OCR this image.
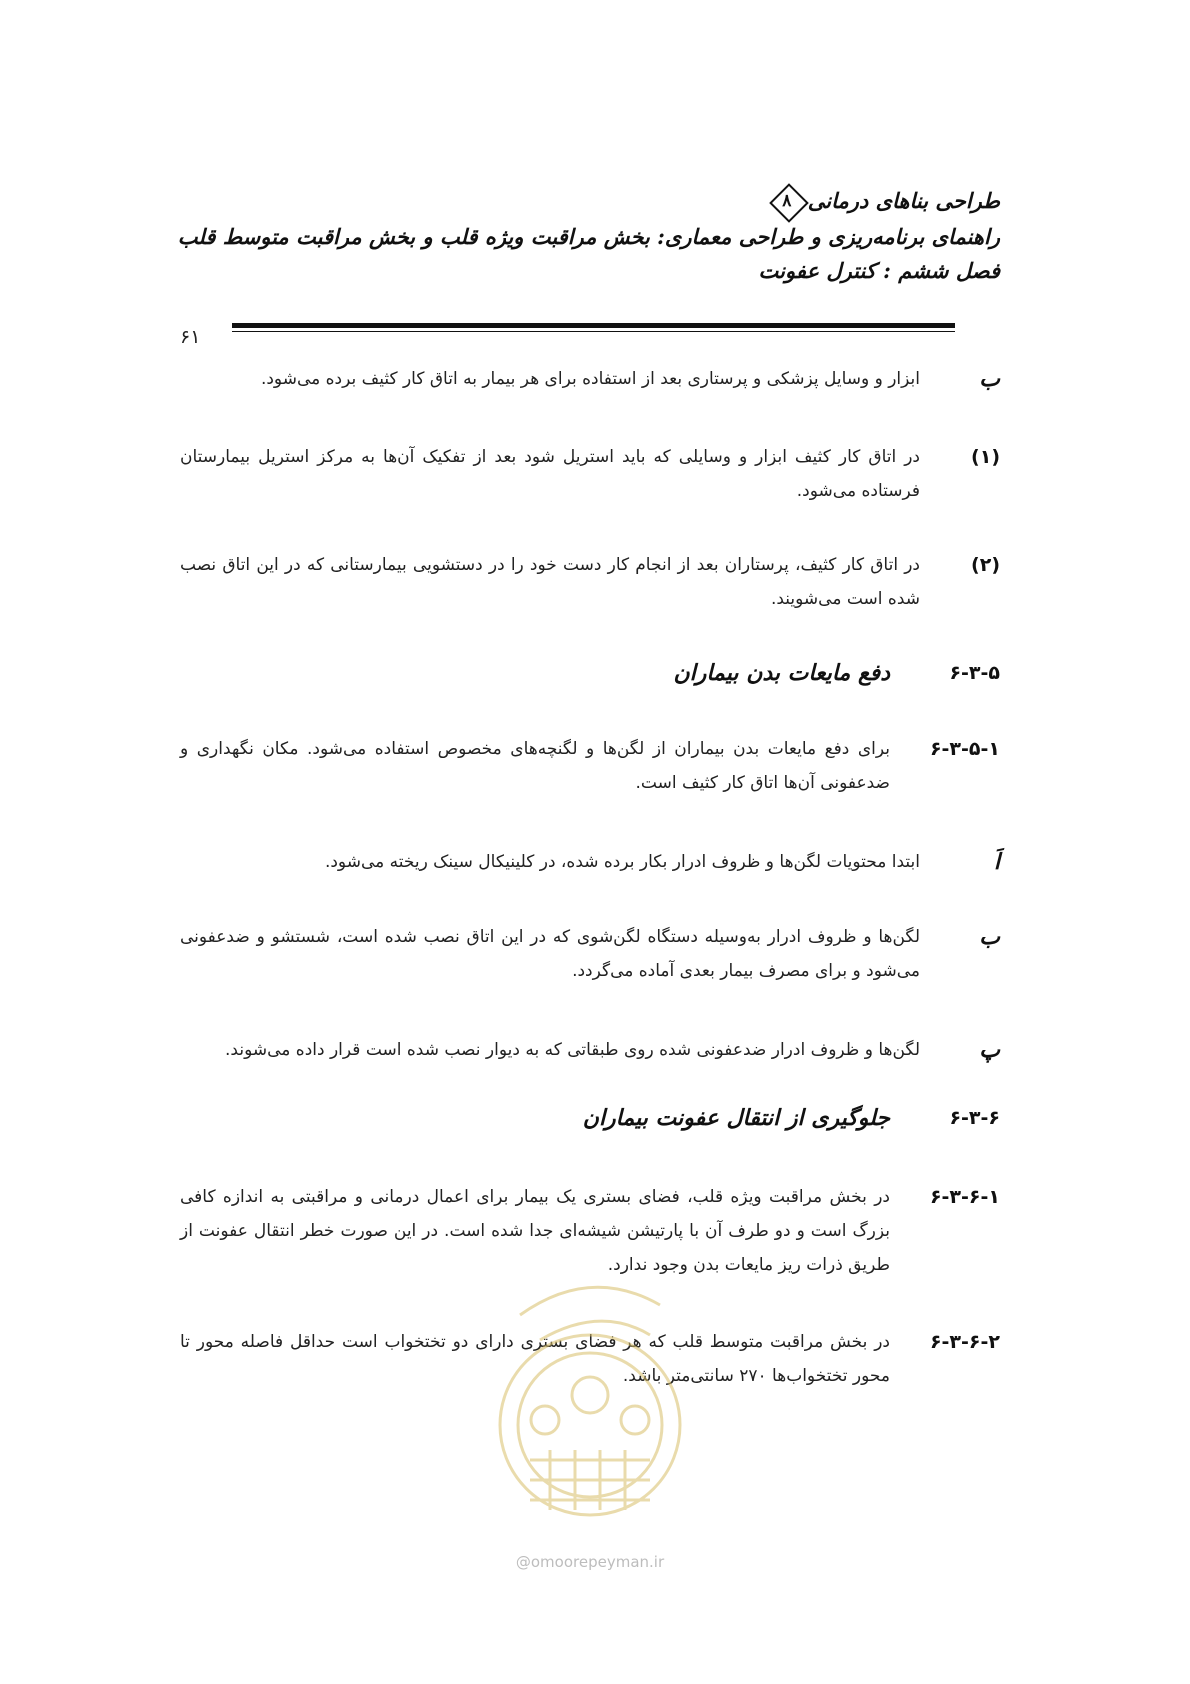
طراحی بناهای درمانی
۸
راهنمای برنامه‌ریزی و طراحی معماری: بخش مراقبت ویژه قلب و بخش مراقبت متوسط قلب
فصل ششم : کنترل عفونت
۶۱
ب
ابزار و وسایل پزشکی و پرستاری بعد از استفاده برای هر بیمار به اتاق کار کثیف برده می‌شود.
(۱)
در اتاق کار کثیف ابزار و وسایلی که باید استریل شود بعد از تفکیک آن‌ها به مرکز استریل بیمارستان فرستاده می‌شود.
(۲)
در اتاق کار کثیف، پرستاران بعد از انجام کار دست خود را در دستشویی بیمارستانی که در این اتاق نصب شده است می‌شویند.
۶-۳-۵
دفع مایعات بدن بیماران
۶-۳-۵-۱
برای دفع مایعات بدن بیماران از لگن‌ها و لگنچه‌های مخصوص استفاده می‌شود. مکان نگهداری و ضدعفونی آن‌ها اتاق کار کثیف است.
اَ
ابتدا محتویات لگن‌ها و ظروف ادرار بکار برده شده، در کلینیکال سینک ریخته می‌شود.
ب
لگن‌ها و ظروف ادرار به‌وسیله دستگاه لگن‌شوی که در این اتاق نصب شده است، شستشو و ضدعفونی می‌شود و برای مصرف بیمار بعدی آماده می‌گردد.
پ
لگن‌ها و ظروف ادرار ضدعفونی شده روی طبقاتی که به دیوار نصب شده است قرار داده می‌شوند.
۶-۳-۶
جلوگیری از انتقال عفونت بیماران
۶-۳-۶-۱
در بخش مراقبت ویژه قلب، فضای بستری یک بیمار برای اعمال درمانی و مراقبتی به اندازه کافی بزرگ است و دو طرف آن با پارتیشن شیشه‌ای جدا شده است. در این صورت خطر انتقال عفونت از طریق ذرات ریز مایعات بدن وجود ندارد.
۶-۳-۶-۲
در بخش مراقبت متوسط قلب که هر فضای بستری دارای دو تختخواب است حداقل فاصله محور تا محور تختخواب‌ها ۲۷۰ سانتی‌متر باشد.
@omoorepeyman.ir
